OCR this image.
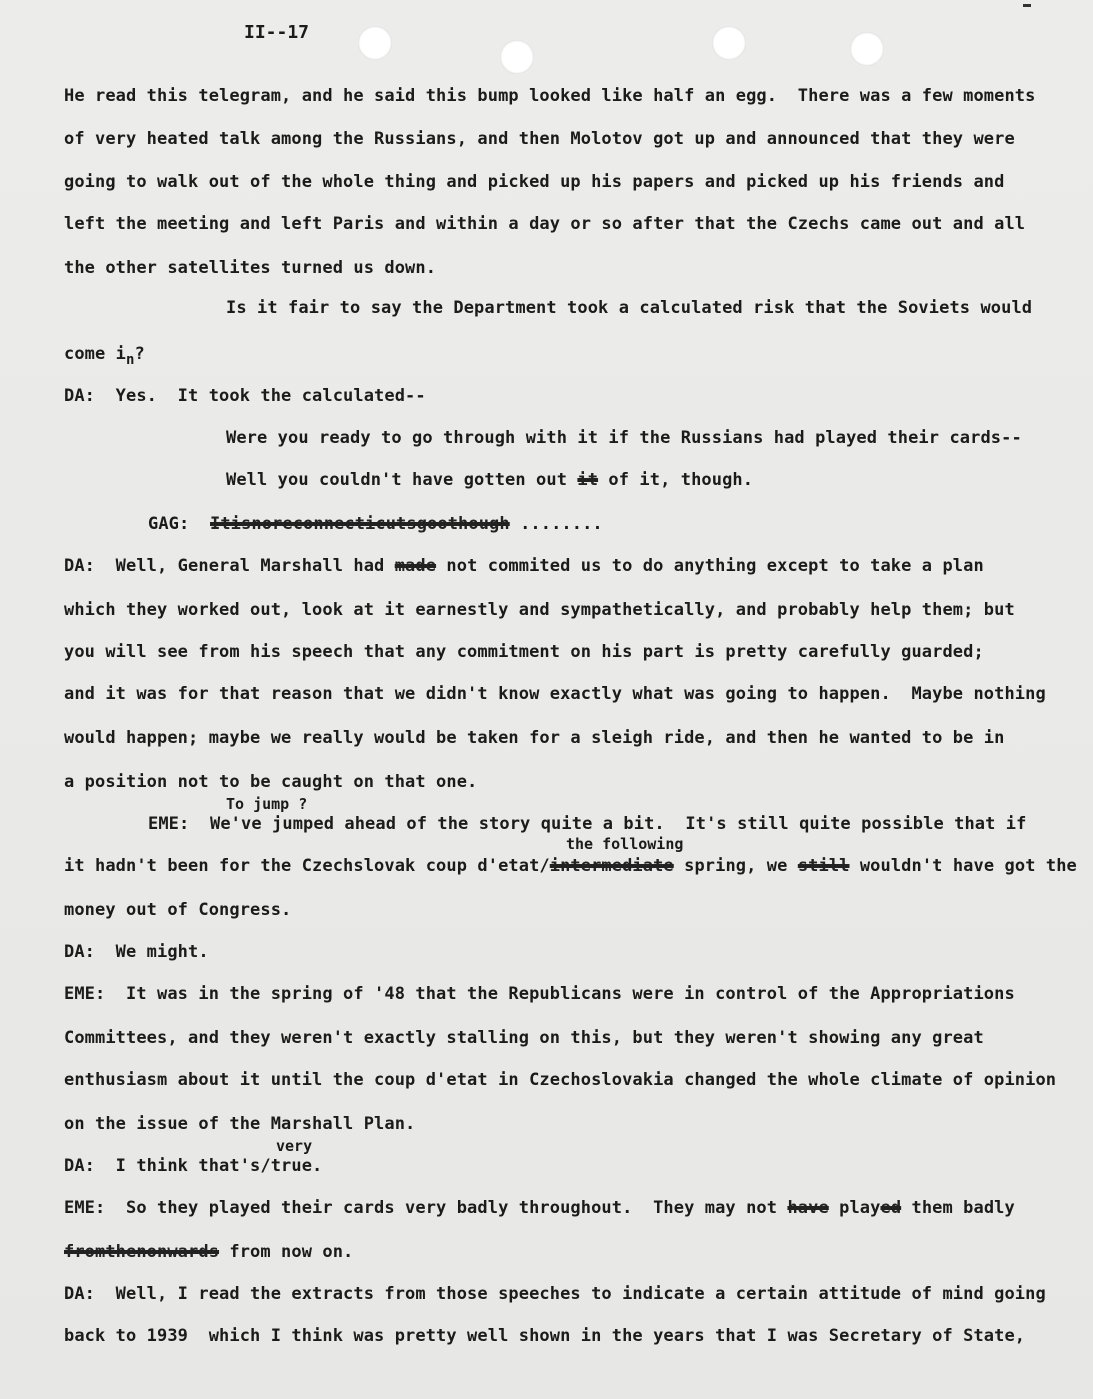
II--17
He read this telegram, and he said this bump looked like half an egg.  There was a few moments
of very heated talk among the Russians, and then Molotov got up and announced that they were
going to walk out of the whole thing and picked up his papers and picked up his friends and
left the meeting and left Paris and within a day or so after that the Czechs came out and all
the other satellites turned us down.
Is it fair to say the Department took a calculated risk that the Soviets would
come $i_n$?
DA:  Yes.  It took the calculated--
Were you ready to go through with it if the Russians had played their cards--
Well you couldn't have gotten out it of it, though.
GAG:  Itisnoreconnecticutsgoothough ........
DA:  Well, General Marshall had made not commited us to do anything except to take a plan
which they worked out, look at it earnestly and sympathetically, and probably help them; but
you will see from his speech that any commitment on his part is pretty carefully guarded;
and it was for that reason that we didn't know exactly what was going to happen.  Maybe nothing
would happen; maybe we really would be taken for a sleigh ride, and then he wanted to be in
a position not to be caught on that one.
To jump ?
EME:  We've jumped ahead of the story quite a bit.  It's still quite possible that if
the following
it hadn't been for the Czechslovak coup d'etat/intermediate spring, we still wouldn't have got the
money out of Congress.
DA:  We might.
EME:  It was in the spring of '48 that the Republicans were in control of the Appropriations
Committees, and they weren't exactly stalling on this, but they weren't showing any great
enthusiasm about it until the coup d'etat in Czechoslovakia changed the whole climate of opinion
on the issue of the Marshall Plan.
very
DA:  I think that's/true.
EME:  So they played their cards very badly throughout.  They may not have played them badly
fromthenonwards from now on.
DA:  Well, I read the extracts from those speeches to indicate a certain attitude of mind going
back to 1939  which I think was pretty well shown in the years that I was Secretary of State,
